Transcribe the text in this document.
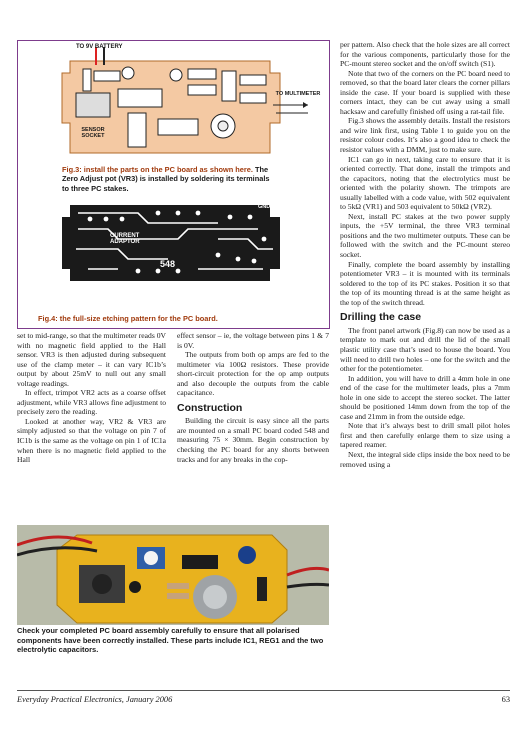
TO 9V BATTERY
TO MULTIMETER
SENSOR SOCKET
Fig.3: install the parts on the PC board as shown here. The Zero Adjust pot (VR3) is installed by soldering its terminals to three PC stakes.
CURRENT ADAPTOR
548
GND
Fig.4: the full-size etching pattern for the PC board.

set to mid-range, so that the multimeter reads 0V with no magnetic field applied to the Hall sensor. VR3 is then adjusted during subsequent use of the clamp meter – it can vary IC1b’s output by about 25mV to null out any small voltage readings.

In effect, trimpot VR2 acts as a coarse offset adjustment, while VR3 allows fine adjustment to precisely zero the reading.

Looked at another way, VR2 & VR3 are simply adjusted so that the voltage on pin 7 of IC1b is the same as the voltage on pin 1 of IC1a when there is no magnetic field applied to the Hall

effect sensor – ie, the voltage between pins 1 & 7 is 0V.

The outputs from both op amps are fed to the multimeter via 100Ω resistors. These provide short-circuit protection for the op amp outputs and also decouple the outputs from the cable capacitance.

Construction

Building the circuit is easy since all the parts are mounted on a small PC board coded 548 and measuring 75 × 30mm. Begin construction by checking the PC board for any shorts between tracks and for any breaks in the cop-

Check your completed PC board assembly carefully to ensure that all polarised components have been correctly installed. These parts include IC1, REG1 and the two electrolytic capacitors.

per pattern. Also check that the hole sizes are all correct for the various components, particularly those for the PC-mount stereo socket and the on/off switch (S1).

Note that two of the corners on the PC board need to removed, so that the board later clears the corner pillars inside the case. If your board is supplied with these corners intact, they can be cut away using a small hacksaw and carefully finished off using a rat-tail file.

Fig.3 shows the assembly details. Install the resistors and wire link first, using Table 1 to guide you on the resistor colour codes. It’s also a good idea to check the resistor values with a DMM, just to make sure.

IC1 can go in next, taking care to ensure that it is oriented correctly. That done, install the trimpots and the capacitors, noting that the electrolytics must be oriented with the polarity shown. The trimpots are usually labelled with a code value, with 502 equivalent to 5kΩ (VR1) and 503 equivalent to 50kΩ (VR2).

Next, install PC stakes at the two power supply inputs, the +5V terminal, the three VR3 terminal positions and the two multimeter outputs. These can be followed with the switch and the PC-mount stereo socket.

Finally, complete the board assembly by installing potentiometer VR3 – it is mounted with its terminals soldered to the top of its PC stakes. Position it so that the top of its mounting thread is at the same height as the top of the switch thread.

Drilling the case

The front panel artwork (Fig.8) can now be used as a template to mark out and drill the lid of the small plastic utility case that’s used to house the board. You will need to drill two holes – one for the switch and the other for the potentiometer.

In addition, you will have to drill a 4mm hole in one end of the case for the multimeter leads, plus a 7mm hole in one side to accept the stereo socket. The latter should be positioned 14mm down from the top of the case and 21mm in from the outside edge.

Note that it’s always best to drill small pilot holes first and then carefully enlarge them to size using a tapered reamer.

Next, the integral side clips inside the box need to be removed using a

Everyday Practical Electronics, January 2006	63
